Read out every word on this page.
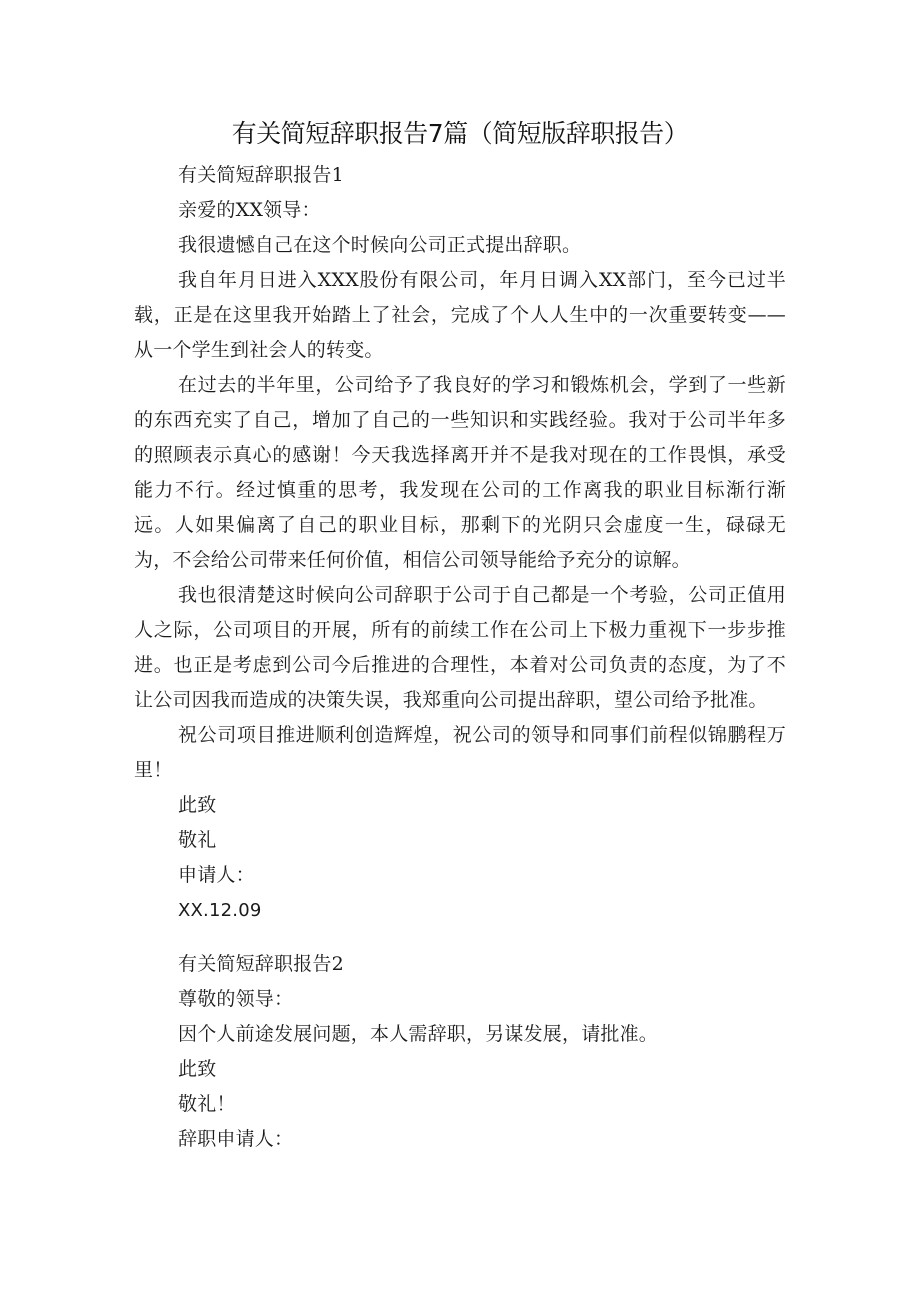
有关简短辞职报告7篇（简短版辞职报告）

有关简短辞职报告1

亲爱的XX领导：

我很遗憾自己在这个时候向公司正式提出辞职。

我自年月日进入XXX股份有限公司，年月日调入XX部门，至今已过半载，正是在这里我开始踏上了社会，完成了个人人生中的一次重要转变——从一个学生到社会人的转变。

在过去的半年里，公司给予了我良好的学习和锻炼机会，学到了一些新的东西充实了自己，增加了自己的一些知识和实践经验。我对于公司半年多的照顾表示真心的感谢！今天我选择离开并不是我对现在的工作畏惧，承受能力不行。经过慎重的思考，我发现在公司的工作离我的职业目标渐行渐远。人如果偏离了自己的职业目标，那剩下的光阴只会虚度一生，碌碌无为，不会给公司带来任何价值，相信公司领导能给予充分的谅解。

我也很清楚这时候向公司辞职于公司于自己都是一个考验，公司正值用人之际，公司项目的开展，所有的前续工作在公司上下极力重视下一步步推进。也正是考虑到公司今后推进的合理性，本着对公司负责的态度，为了不让公司因我而造成的决策失误，我郑重向公司提出辞职，望公司给予批准。

祝公司项目推进顺利创造辉煌，祝公司的领导和同事们前程似锦鹏程万里！

此致

敬礼

申请人：

XX.12.09

有关简短辞职报告2

尊敬的领导：

因个人前途发展问题，本人需辞职，另谋发展，请批准。

此致

敬礼！

辞职申请人：
